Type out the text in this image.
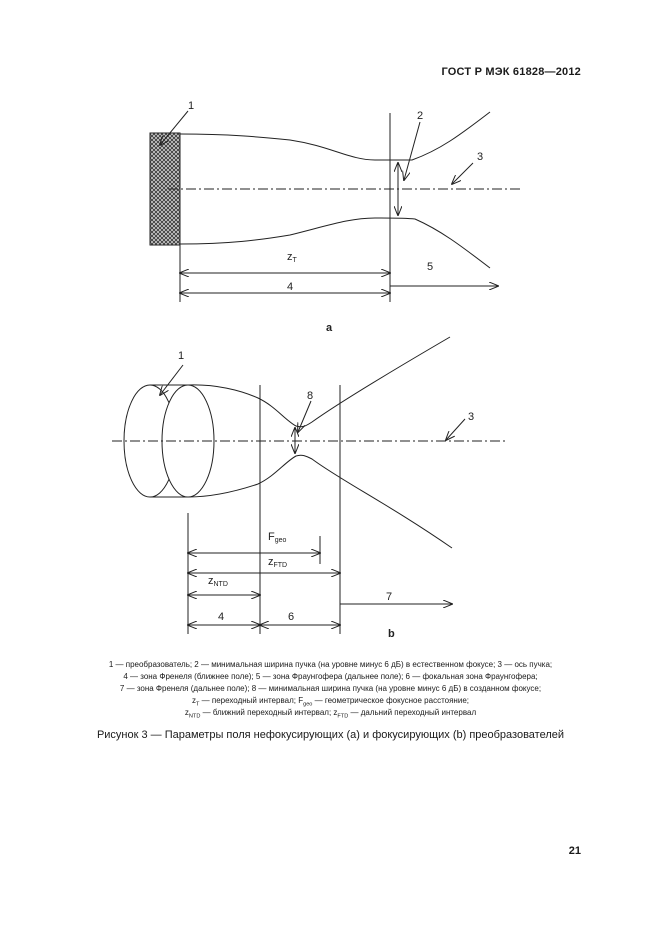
ГОСТ Р МЭК 61828—2012
1
2
3
zT
5
4
a
1
8
3
Fgeo
zFTD
zNTD
7
4	6
b
1 — преобразователь; 2 — минимальная ширина пучка (на уровне минус 6 дБ) в естественном фокусе; 3 — ось пучка;
4 — зона Френеля (ближнее поле); 5 — зона Фраунгофера (дальнее поле); 6 — фокальная зона Фраунгофера;
7 — зона Френеля (дальнее поле); 8 — минимальная ширина пучка (на уровне минус 6 дБ) в созданном фокусе;
$z_T$ — переходный интервал; $F_{geo}$ — геометрическое фокусное расстояние;
$z_{NTD}$ — ближний переходный интервал; $z_{FTD}$ — дальний переходный интервал
Рисунок 3 — Параметры поля нефокусирующих (a) и фокусирующих (b) преобразователей
21
